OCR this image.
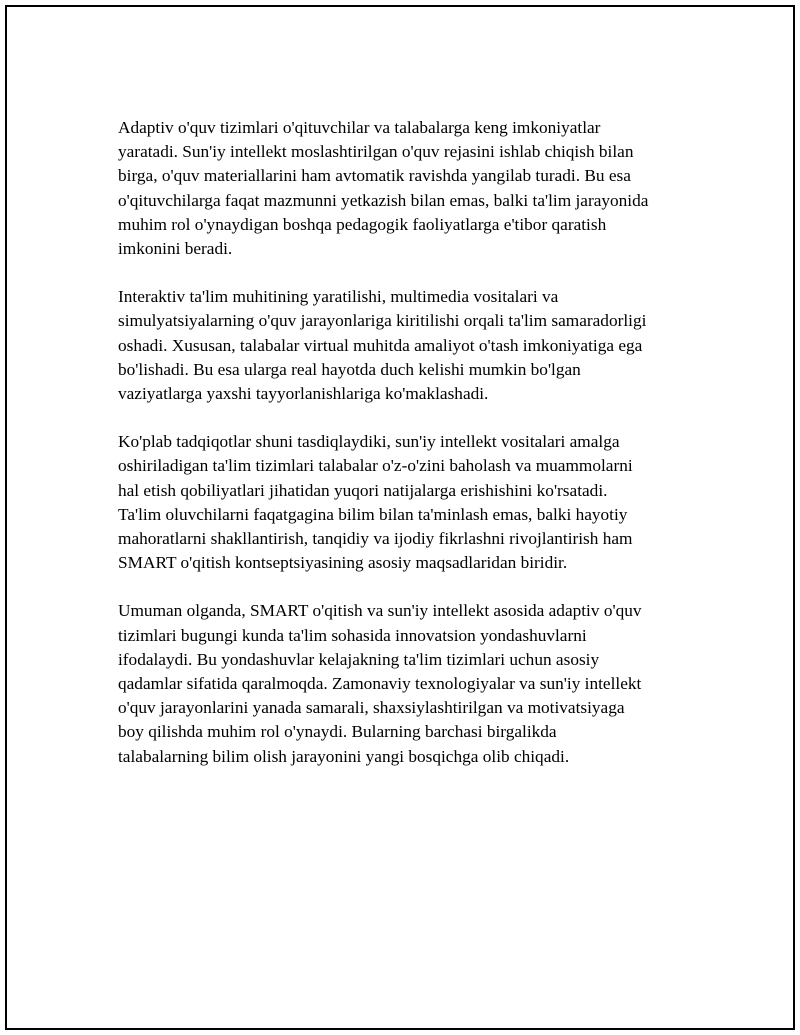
Adaptiv o'quv tizimlari o'qituvchilar va talabalarga keng imkoniyatlar
yaratadi. Sun'iy intellekt moslashtirilgan o'quv rejasini ishlab chiqish bilan
birga, o'quv materiallarini ham avtomatik ravishda yangilab turadi. Bu esa
o'qituvchilarga faqat mazmunni yetkazish bilan emas, balki ta'lim jarayonida
muhim rol o'ynaydigan boshqa pedagogik faoliyatlarga e'tibor qaratish
imkonini beradi.

Interaktiv ta'lim muhitining yaratilishi, multimedia vositalari va
simulyatsiyalarning o'quv jarayonlariga kiritilishi orqali ta'lim samaradorligi
oshadi. Xususan, talabalar virtual muhitda amaliyot o'tash imkoniyatiga ega
bo'lishadi. Bu esa ularga real hayotda duch kelishi mumkin bo'lgan
vaziyatlarga yaxshi tayyorlanishlariga ko'maklashadi.

Ko'plab tadqiqotlar shuni tasdiqlaydiki, sun'iy intellekt vositalari amalga
oshiriladigan ta'lim tizimlari talabalar o'z-o'zini baholash va muammolarni
hal etish qobiliyatlari jihatidan yuqori natijalarga erishishini ko'rsatadi.
Ta'lim oluvchilarni faqatgagina bilim bilan ta'minlash emas, balki hayotiy
mahoratlarni shakllantirish, tanqidiy va ijodiy fikrlashni rivojlantirish ham
SMART o'qitish kontseptsiyasining asosiy maqsadlaridan biridir.

Umuman olganda, SMART o'qitish va sun'iy intellekt asosida adaptiv o'quv
tizimlari bugungi kunda ta'lim sohasida innovatsion yondashuvlarni
ifodalaydi. Bu yondashuvlar kelajakning ta'lim tizimlari uchun asosiy
qadamlar sifatida qaralmoqda. Zamonaviy texnologiyalar va sun'iy intellekt
o'quv jarayonlarini yanada samarali, shaxsiylashtirilgan va motivatsiyaga
boy qilishda muhim rol o'ynaydi. Bularning barchasi birgalikda
talabalarning bilim olish jarayonini yangi bosqichga olib chiqadi.
